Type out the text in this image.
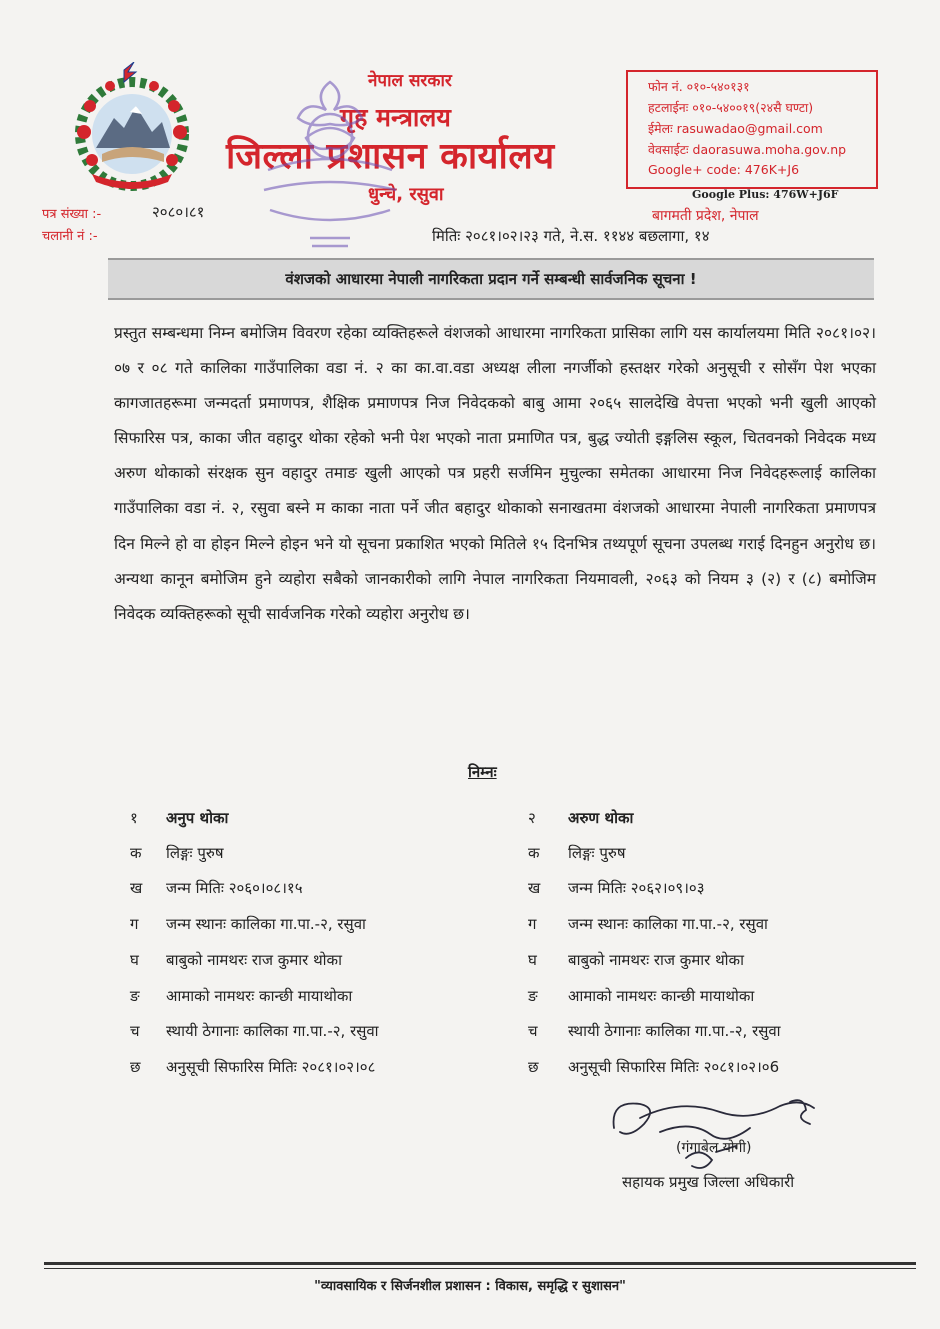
नेपाल सरकार
गृह मन्त्रालय
जिल्ला प्रशासन कार्यालय
धुन्चे, रसुवा
फोन नं. ०१०-५४०१३१
हटलाईनः ०१०-५४००१९(२४सै घण्टा)
ईमेलः rasuwadao@gmail.com
वेवसाईटः daorasuwa.moha.gov.np
Google+ code: 476K+J6
Google Plus: 476W+J6F
बागमती प्रदेश, नेपाल
पत्र संख्या :-	२०८०।८१
चलानी नं :-	मितिः २०८१।०२।२३ गते, ने.स. ११४४ बछलागा, १४
वंशजको आधारमा नेपाली नागरिकता प्रदान गर्ने सम्बन्धी सार्वजनिक सूचना !
प्रस्तुत सम्बन्धमा निम्न बमोजिम विवरण रहेका व्यक्तिहरूले वंशजको आधारमा नागरिकता प्रासिका लागि यस कार्यालयमा मिति २०८१।०२।०७ र ०८ गते कालिका गाउँपालिका वडा नं. २ का का.वा.वडा अध्यक्ष लीला नगर्जीको हस्तक्षर गरेको अनुसूची र सोसँग पेश भएका कागजातहरूमा जन्मदर्ता प्रमाणपत्र, शैक्षिक प्रमाणपत्र निज निवेदकको बाबु आमा २०६५ सालदेखि वेपत्ता भएको भनी खुली आएको सिफारिस पत्र, काका जीत वहादुर थोका रहेको भनी पेश भएको नाता प्रमाणित पत्र, बुद्ध ज्योती इङ्गलिस स्कूल, चितवनको निवेदक मध्य अरुण थोकाको संरक्षक सुन वहादुर तमाङ खुली आएको पत्र प्रहरी सर्जमिन मुचुल्का समेतका आधारमा निज निवेदहरूलाई कालिका गाउँपालिका वडा नं. २, रसुवा बस्ने म काका नाता पर्ने जीत बहादुर थोकाको सनाखतमा वंशजको आधारमा नेपाली नागरिकता प्रमाणपत्र दिन मिल्ने हो वा होइन मिल्ने होइन भने यो सूचना प्रकाशित भएको मितिले १५ दिनभित्र तथ्यपूर्ण सूचना उपलब्ध गराई दिनहुन अनुरोध छ। अन्यथा कानून बमोजिम हुने व्यहोरा सबैको जानकारीको लागि नेपाल नागरिकता नियमावली, २०६३ को नियम ३ (२) र (८) बमोजिम निवेदक व्यक्तिहरूको सूची सार्वजनिक गरेको व्यहोरा अनुरोध छ।
निम्नः
१ अनुप थोका
क लिङ्गः पुरुष
ख जन्म मितिः २०६०।०८।१५
ग जन्म स्थानः कालिका गा.पा.-२, रसुवा
घ बाबुको नामथरः राज कुमार थोका
ङ आमाको नामथरः कान्छी मायाथोका
च स्थायी ठेगानाः कालिका गा.पा.-२, रसुवा
छ अनुसूची सिफारिस मितिः २०८१।०२।०८
२ अरुण थोका
क लिङ्गः पुरुष
ख जन्म मितिः २०६२।०९।०३
ग जन्म स्थानः कालिका गा.पा.-२, रसुवा
घ बाबुको नामथरः राज कुमार थोका
ङ आमाको नामथरः कान्छी मायाथोका
च स्थायी ठेगानाः कालिका गा.पा.-२, रसुवा
छ अनुसूची सिफारिस मितिः २०८१।०२।०6
(गंगाबेल योगी)
सहायक प्रमुख जिल्ला अधिकारी
"व्यावसायिक र सिर्जनशील प्रशासन : विकास, समृद्धि र सुशासन"
